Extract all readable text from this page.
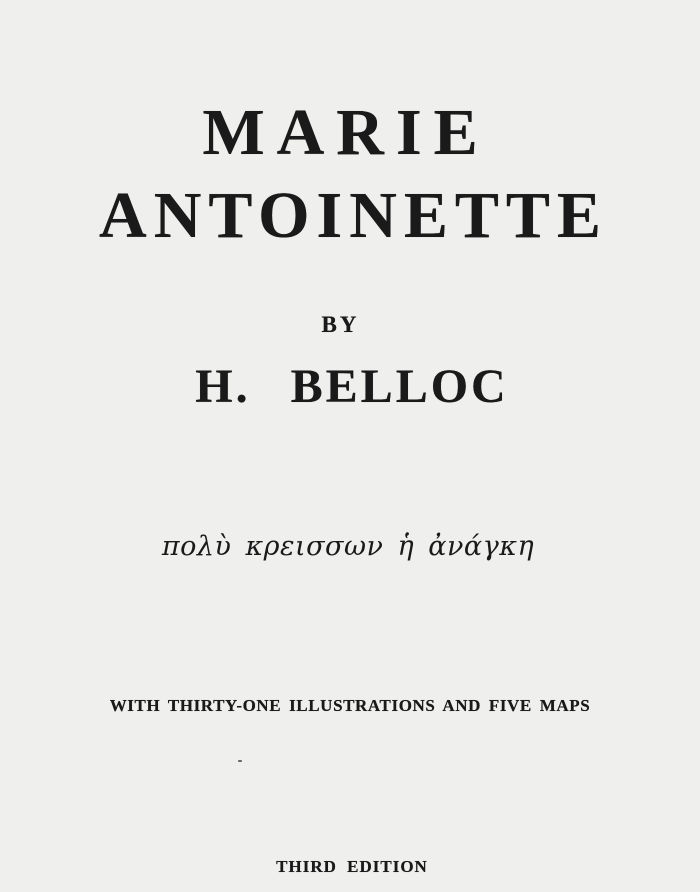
MARIE
ANTOINETTE
BY
H. BELLOC
πολὺ κρεισσων ἡ ἀνάγκη
WITH THIRTY-ONE ILLUSTRATIONS AND FIVE MAPS
THIRD EDITION
